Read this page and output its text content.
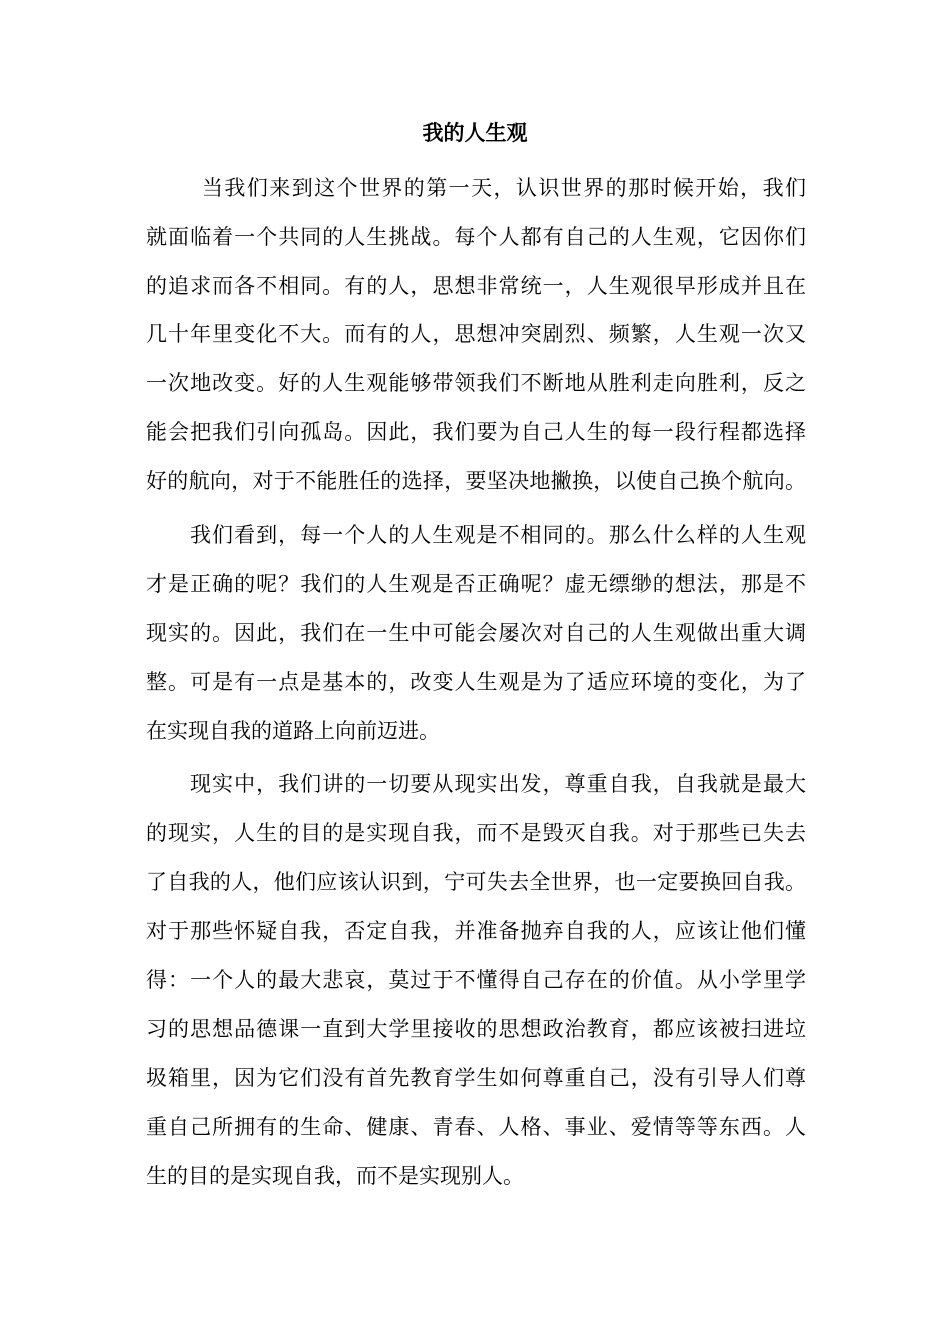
我的人生观
当我们来到这个世界的第一天，认识世界的那时候开始，我们
就面临着一个共同的人生挑战。每个人都有自己的人生观，它因你们
的追求而各不相同。有的人，思想非常统一，人生观很早形成并且在
几十年里变化不大。而有的人，思想冲突剧烈、频繁，人生观一次又
一次地改变。好的人生观能够带领我们不断地从胜利走向胜利，反之
能会把我们引向孤岛。因此，我们要为自己人生的每一段行程都选择
好的航向，对于不能胜任的选择，要坚决地撇换，以使自己换个航向。
我们看到，每一个人的人生观是不相同的。那么什么样的人生观
才是正确的呢？我们的人生观是否正确呢？虚无缥缈的想法，那是不
现实的。因此，我们在一生中可能会屡次对自己的人生观做出重大调
整。可是有一点是基本的，改变人生观是为了适应环境的变化，为了
在实现自我的道路上向前迈进。
现实中，我们讲的一切要从现实出发，尊重自我，自我就是最大
的现实，人生的目的是实现自我，而不是毁灭自我。对于那些已失去
了自我的人，他们应该认识到，宁可失去全世界，也一定要换回自我。
对于那些怀疑自我，否定自我，并准备抛弃自我的人，应该让他们懂
得：一个人的最大悲哀，莫过于不懂得自己存在的价值。从小学里学
习的思想品德课一直到大学里接收的思想政治教育，都应该被扫进垃
圾箱里，因为它们没有首先教育学生如何尊重自己，没有引导人们尊
重自己所拥有的生命、健康、青春、人格、事业、爱情等等东西。人
生的目的是实现自我，而不是实现别人。
